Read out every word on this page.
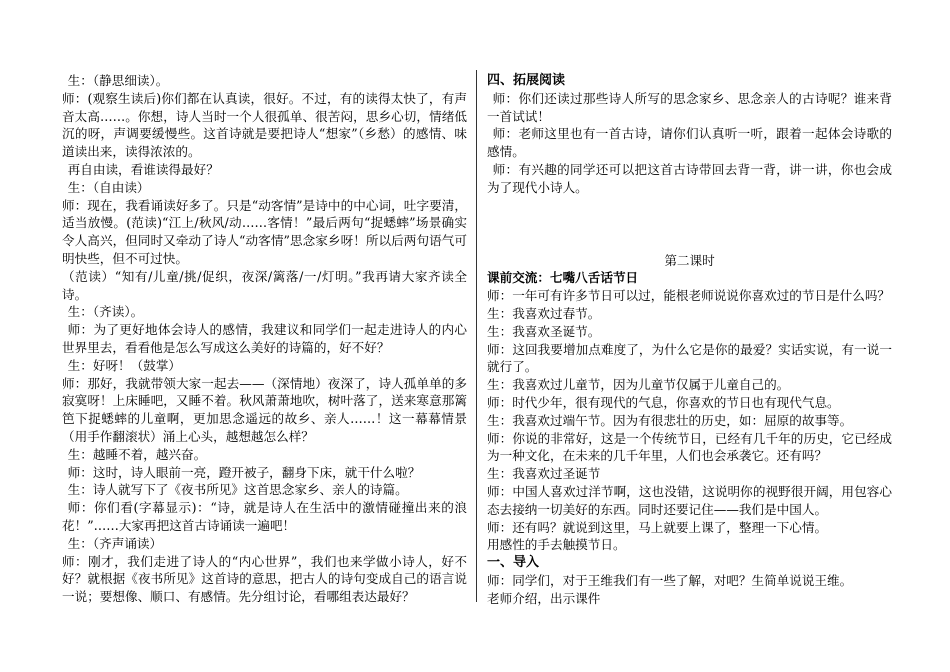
生：（静思细读）。

师：(观察生读后)你们都在认真读，很好。不过，有的读得太快了，有声音太高……。你想，诗人当时一个人很孤单、很苦闷，思乡心切，情绪低沉的呀，声调要缓慢些。这首诗就是要把诗人“想家”（乡愁）的感情、味道读出来，读得浓浓的。

再自由读，看谁读得最好？

生：（自由读）

师：现在，我看诵读好多了。只是“动客情”是诗中的中心词，吐字要清，适当放慢。(范读)“江上/秋风/动……客情！”最后两句“捉蟋蟀”场景确实令人高兴，但同时又牵动了诗人“动客情”思念家乡呀！所以后两句语气可明快些，但不可过快。

（范读）“知有/儿童/挑/促织，夜深/篱落/一/灯明。”我再请大家齐读全诗。

生：（齐读）。

师：为了更好地体会诗人的感情，我建议和同学们一起走进诗人的内心世界里去，看看他是怎么写成这么美好的诗篇的，好不好？

生：好呀！（鼓掌）

师：那好，我就带领大家一起去——（深情地）夜深了，诗人孤单单的多寂寞呀！上床睡吧，又睡不着。秋风萧萧地吹，树叶落了，送来寒意那篱笆下捉蟋蟀的儿童啊，更加思念遥远的故乡、亲人……！这一幕幕情景（用手作翻滚状）涌上心头，越想越怎么样？

生：越睡不着，越兴奋。

师：这时，诗人眼前一亮，蹬开被子，翻身下床，就干什么啦？

生：诗人就写下了《夜书所见》这首思念家乡、亲人的诗篇。

师：你们看(字幕显示)：“诗，就是诗人在生活中的激情碰撞出来的浪花！”……大家再把这首古诗诵读一遍吧！

生：（齐声诵读）

师：刚才，我们走进了诗人的“内心世界”，我们也来学做小诗人，好不好？就根据《夜书所见》这首诗的意思，把古人的诗句变成自己的语言说一说；要想像、顺口、有感情。先分组讨论，看哪组表达最好？

四、拓展阅读

师：你们还读过那些诗人所写的思念家乡、思念亲人的古诗呢？谁来背一首试试！

师：老师这里也有一首古诗，请你们认真听一听，跟着一起体会诗歌的感情。

师：有兴趣的同学还可以把这首古诗带回去背一背，讲一讲，你也会成为了现代小诗人。

第二课时

课前交流：七嘴八舌话节日

师：一年可有许多节日可以过，能根老师说说你喜欢过的节日是什么吗？

生：我喜欢过春节。

生：我喜欢圣诞节。

师：这回我要增加点难度了，为什么它是你的最爱？实话实说，有一说一就行了。

生：我喜欢过儿童节，因为儿童节仅属于儿童自己的。

师：时代少年，很有现代的气息，你喜欢的节日也有现代气息。

生：我喜欢过端午节。因为有很悲壮的历史，如：屈原的故事等。

师：你说的非常好，这是一个传统节日，已经有几千年的历史，它已经成为一种文化，在未来的几千年里，人们也会承袭它。还有吗？

生：我喜欢过圣诞节

师：中国人喜欢过洋节啊，这也没错，这说明你的视野很开阔，用包容心态去接纳一切美好的东西。同时还要记住——我们是中国人。

师：还有吗？就说到这里，马上就要上课了，整理一下心情。

用感性的手去触摸节日。

一、导入

师：同学们，对于王维我们有一些了解，对吧？生简单说说王维。

老师介绍，出示课件
